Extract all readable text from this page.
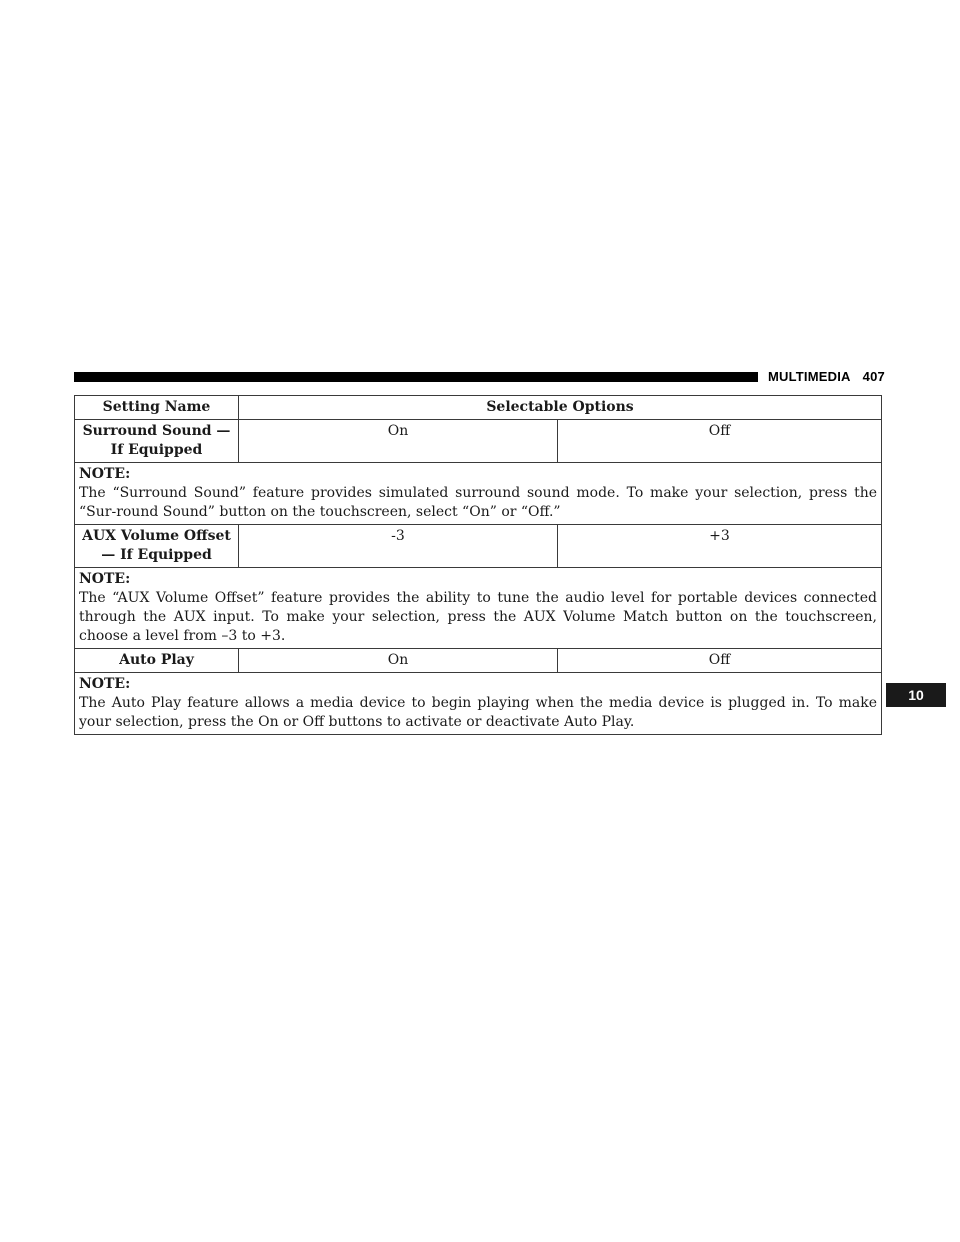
MULTIMEDIA 407
Setting Name	Selectable Options	
Surround Sound —
If Equipped	On	Off

NOTE:
The “Surround Sound” feature provides simulated surround sound mode. To make your selection, press the “Sur-round Sound” button on the touchscreen, select “On” or “Off.”		
AUX Volume Offset
— If Equipped	-3	+3

NOTE:
The “AUX Volume Offset” feature provides the ability to tune the audio level for portable devices connected through the AUX input. To make your selection, press the AUX Volume Match button on the touchscreen, choose a level from –3 to +3.		
Auto Play	On	Off

NOTE:
The Auto Play feature allows a media device to begin playing when the media device is plugged in. To make your selection, press the On or Off buttons to activate or deactivate Auto Play.		
10
